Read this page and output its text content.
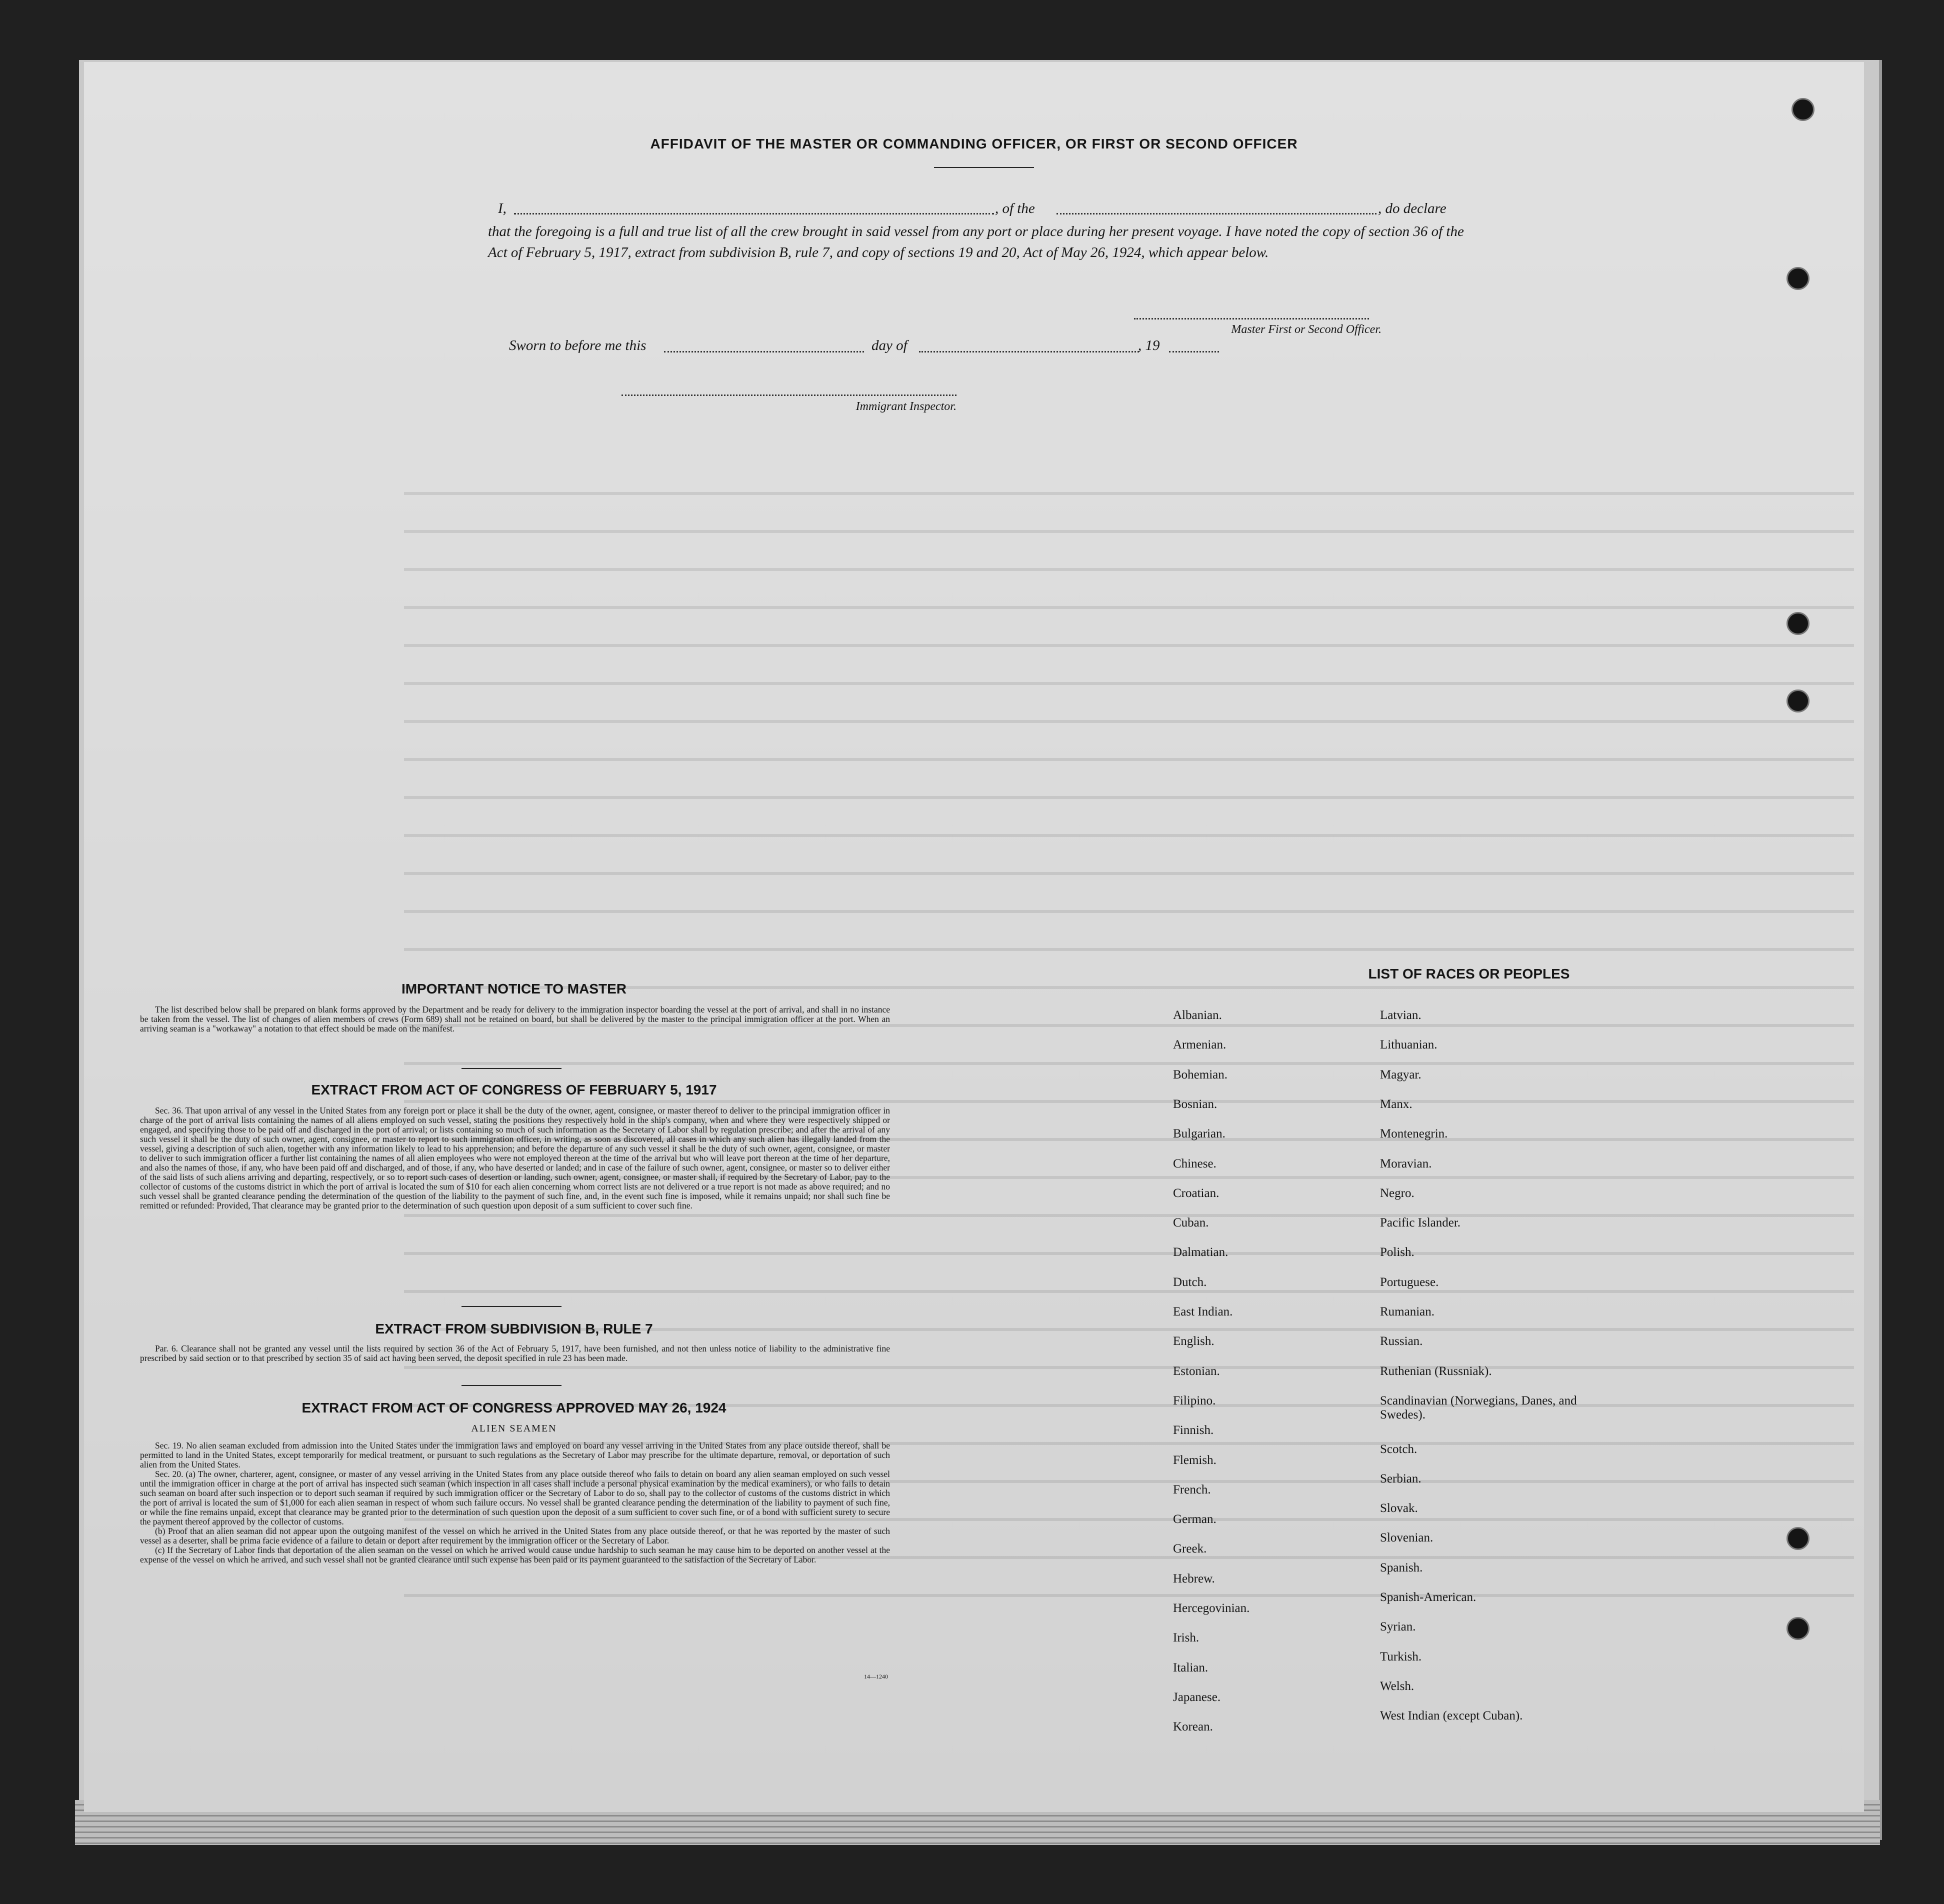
AFFIDAVIT OF THE MASTER OR COMMANDING OFFICER, OR FIRST OR SECOND OFFICER
I,	, of the	, do declare
that the foregoing is a full and true list of all the crew brought in said vessel from any port or place during her present voyage. I have noted the copy of section 36 of the Act of February 5, 1917, extract from subdivision B, rule 7, and copy of sections 19 and 20, Act of May 26, 1924, which appear below.
Master First or Second Officer.
Sworn to before me this	day of	, 19
Immigrant Inspector.
IMPORTANT NOTICE TO MASTER

The list described below shall be prepared on blank forms approved by the Department and be ready for delivery to the immigration inspector boarding the vessel at the port of arrival, and shall in no instance be taken from the vessel. The list of changes of alien members of crews (Form 689) shall not be retained on board, but shall be delivered by the master to the principal immigration officer at the port. When an arriving seaman is a "workaway" a notation to that effect should be made on the manifest.

EXTRACT FROM ACT OF CONGRESS OF FEBRUARY 5, 1917

Sec. 36. That upon arrival of any vessel in the United States from any foreign port or place it shall be the duty of the owner, agent, consignee, or master thereof to deliver to the principal immigration officer in charge of the port of arrival lists containing the names of all aliens employed on such vessel, stating the positions they respectively hold in the ship's company, when and where they were respectively shipped or engaged, and specifying those to be paid off and discharged in the port of arrival; or lists containing so much of such information as the Secretary of Labor shall by regulation prescribe; and after the arrival of any such vessel it shall be the duty of such owner, agent, consignee, or master to report to such immigration officer, in writing, as soon as discovered, all cases in which any such alien has illegally landed from the vessel, giving a description of such alien, together with any information likely to lead to his apprehension; and before the departure of any such vessel it shall be the duty of such owner, agent, consignee, or master to deliver to such immigration officer a further list containing the names of all alien employees who were not employed thereon at the time of the arrival but who will leave port thereon at the time of her departure, and also the names of those, if any, who have been paid off and discharged, and of those, if any, who have deserted or landed; and in case of the failure of such owner, agent, consignee, or master so to deliver either of the said lists of such aliens arriving and departing, respectively, or so to report such cases of desertion or landing, such owner, agent, consignee, or master shall, if required by the Secretary of Labor, pay to the collector of customs of the customs district in which the port of arrival is located the sum of $10 for each alien concerning whom correct lists are not delivered or a true report is not made as above required; and no such vessel shall be granted clearance pending the determination of the question of the liability to the payment of such fine, and, in the event such fine is imposed, while it remains unpaid; nor shall such fine be remitted or refunded: Provided, That clearance may be granted prior to the determination of such question upon deposit of a sum sufficient to cover such fine.

EXTRACT FROM SUBDIVISION B, RULE 7

Par. 6. Clearance shall not be granted any vessel until the lists required by section 36 of the Act of February 5, 1917, have been furnished, and not then unless notice of liability to the administrative fine prescribed by said section or to that prescribed by section 35 of said act having been served, the deposit specified in rule 23 has been made.

EXTRACT FROM ACT OF CONGRESS APPROVED MAY 26, 1924
ALIEN SEAMEN

Sec. 19. No alien seaman excluded from admission into the United States under the immigration laws and employed on board any vessel arriving in the United States from any place outside thereof, shall be permitted to land in the United States, except temporarily for medical treatment, or pursuant to such regulations as the Secretary of Labor may prescribe for the ultimate departure, removal, or deportation of such alien from the United States.

Sec. 20. (a) The owner, charterer, agent, consignee, or master of any vessel arriving in the United States from any place outside thereof who fails to detain on board any alien seaman employed on such vessel until the immigration officer in charge at the port of arrival has inspected such seaman (which inspection in all cases shall include a personal physical examination by the medical examiners), or who fails to detain such seaman on board after such inspection or to deport such seaman if required by such immigration officer or the Secretary of Labor to do so, shall pay to the collector of customs of the customs district in which the port of arrival is located the sum of $1,000 for each alien seaman in respect of whom such failure occurs. No vessel shall be granted clearance pending the determination of the liability to payment of such fine, or while the fine remains unpaid, except that clearance may be granted prior to the determination of such question upon the deposit of a sum sufficient to cover such fine, or of a bond with sufficient surety to secure the payment thereof approved by the collector of customs.

(b) Proof that an alien seaman did not appear upon the outgoing manifest of the vessel on which he arrived in the United States from any place outside thereof, or that he was reported by the master of such vessel as a deserter, shall be prima facie evidence of a failure to detain or deport after requirement by the immigration officer or the Secretary of Labor.

(c) If the Secretary of Labor finds that deportation of the alien seaman on the vessel on which he arrived would cause undue hardship to such seaman he may cause him to be deported on another vessel at the expense of the vessel on which he arrived, and such vessel shall not be granted clearance until such expense has been paid or its payment guaranteed to the satisfaction of the Secretary of Labor.

14—1240
LIST OF RACES OR PEOPLES
Albanian.
Armenian.
Bohemian.
Bosnian.
Bulgarian.
Chinese.
Croatian.
Cuban.
Dalmatian.
Dutch.
East Indian.
English.
Estonian.
Filipino.
Finnish.
Flemish.
French.
German.
Greek.
Hebrew.
Hercegovinian.
Irish.
Italian.
Japanese.
Korean.
Latvian.
Lithuanian.
Magyar.
Manx.
Montenegrin.
Moravian.
Negro.
Pacific Islander.
Polish.
Portuguese.
Rumanian.
Russian.
Ruthenian (Russniak).
Scandinavian (Norwegians, Danes, and Swedes).
Scotch.
Serbian.
Slovak.
Slovenian.
Spanish.
Spanish-American.
Syrian.
Turkish.
Welsh.
West Indian (except Cuban).
